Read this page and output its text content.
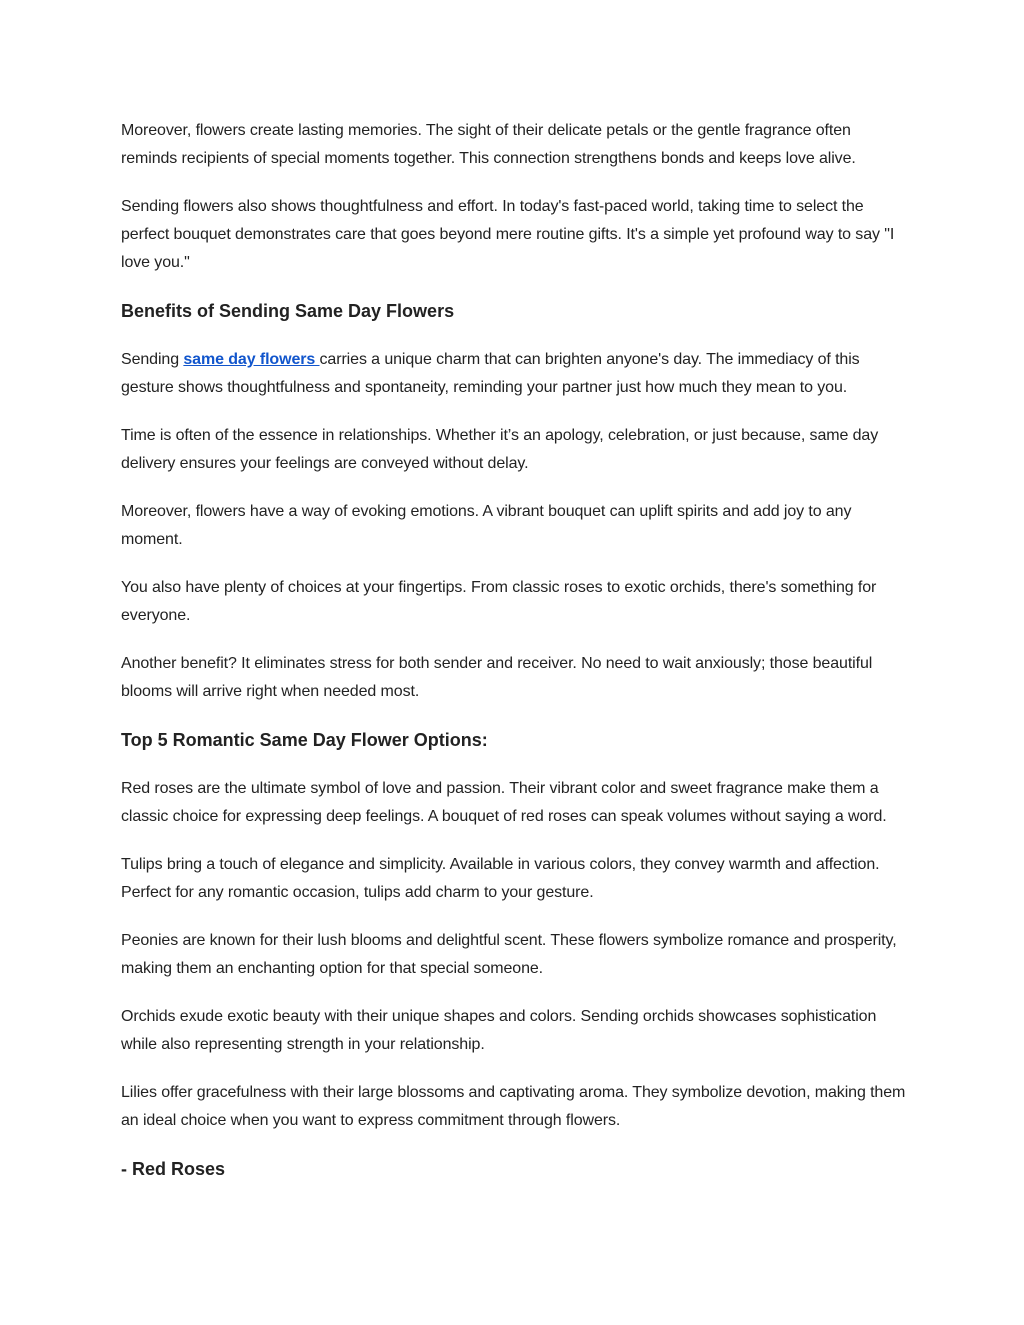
Moreover, flowers create lasting memories. The sight of their delicate petals or the gentle fragrance often reminds recipients of special moments together. This connection strengthens bonds and keeps love alive.

Sending flowers also shows thoughtfulness and effort. In today's fast-paced world, taking time to select the perfect bouquet demonstrates care that goes beyond mere routine gifts. It's a simple yet profound way to say "I love you."

Benefits of Sending Same Day Flowers

Sending same day flowers carries a unique charm that can brighten anyone's day. The immediacy of this gesture shows thoughtfulness and spontaneity, reminding your partner just how much they mean to you.

Time is often of the essence in relationships. Whether it’s an apology, celebration, or just because, same day delivery ensures your feelings are conveyed without delay.

Moreover, flowers have a way of evoking emotions. A vibrant bouquet can uplift spirits and add joy to any moment.

You also have plenty of choices at your fingertips. From classic roses to exotic orchids, there's something for everyone.

Another benefit? It eliminates stress for both sender and receiver. No need to wait anxiously; those beautiful blooms will arrive right when needed most.

Top 5 Romantic Same Day Flower Options:

Red roses are the ultimate symbol of love and passion. Their vibrant color and sweet fragrance make them a classic choice for expressing deep feelings. A bouquet of red roses can speak volumes without saying a word.

Tulips bring a touch of elegance and simplicity. Available in various colors, they convey warmth and affection. Perfect for any romantic occasion, tulips add charm to your gesture.

Peonies are known for their lush blooms and delightful scent. These flowers symbolize romance and prosperity, making them an enchanting option for that special someone.

Orchids exude exotic beauty with their unique shapes and colors. Sending orchids showcases sophistication while also representing strength in your relationship.

Lilies offer gracefulness with their large blossoms and captivating aroma. They symbolize devotion, making them an ideal choice when you want to express commitment through flowers.

- Red Roses
